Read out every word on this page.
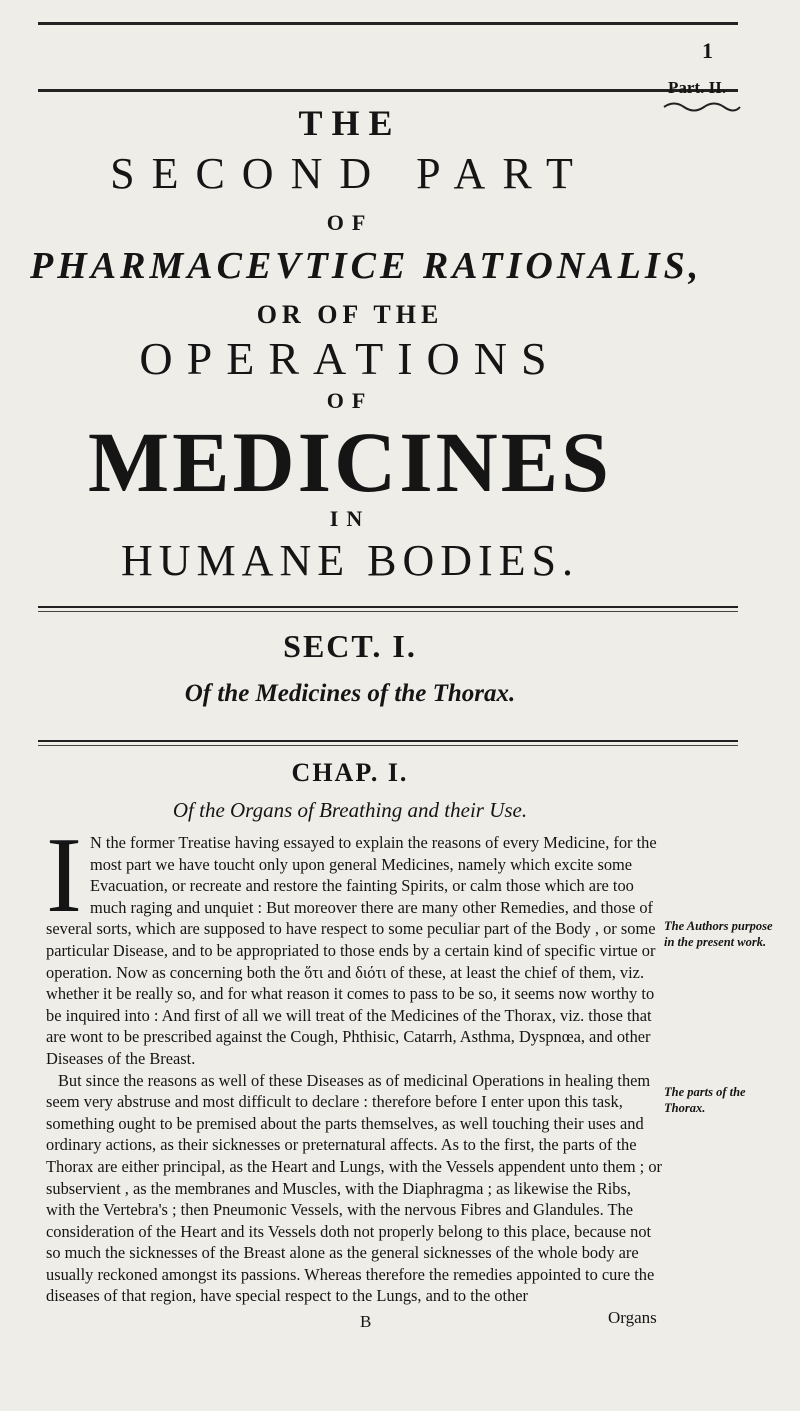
1
Part. II.
THE
SECOND PART
OF
PHARMACEVTICE RATIONALIS,
OR OF THE
OPERATIONS
OF
MEDICINES
IN
HUMANE BODIES.
SECT. I.
Of the Medicines of the Thorax.
CHAP. I.
Of the Organs of Breathing and their Use.

I N the former Treatise having essayed to explain the reasons of every Medicine, for the most part we have toucht only upon general Medicines, namely which excite some Evacuation, or recreate and restore the fainting Spirits, or calm those which are too much raging and unquiet : But moreover there are many other Remedies, and those of several sorts, which are supposed to have respect to some peculiar part of the Body , or some particular Disease, and to be appropriated to those ends by a certain kind of specific virtue or operation. Now as concerning both the ὅτι and διότι of these, at least the chief of them, viz. whether it be really so, and for what reason it comes to pass to be so, it seems now worthy to be inquired into : And first of all we will treat of the Medicines of the Thorax, viz. those that are wont to be prescribed against the Cough, Phthisic, Catarrh, Asthma, Dyspnœa, and other Diseases of the Breast.

But since the reasons as well of these Diseases as of medicinal Operations in healing them seem very abstruse and most difficult to declare : therefore before I enter upon this task, something ought to be premised about the parts themselves, as well touching their uses and ordinary actions, as their sicknesses or preternatural affects. As to the first, the parts of the Thorax are either principal, as the Heart and Lungs, with the Vessels appendent unto them ; or subservient , as the membranes and Muscles, with the Diaphragma ; as likewise the Ribs, with the Vertebra's ; then Pneumonic Vessels, with the nervous Fibres and Glandules. The consideration of the Heart and its Vessels doth not properly belong to this place, because not so much the sicknesses of the Breast alone as the general sicknesses of the whole body are usually reckoned amongst its passions. Whereas therefore the remedies appointed to cure the diseases of that region, have special respect to the Lungs, and to the other

The Authors purpose in the present work.
The parts of the Thorax.
B	Organs
